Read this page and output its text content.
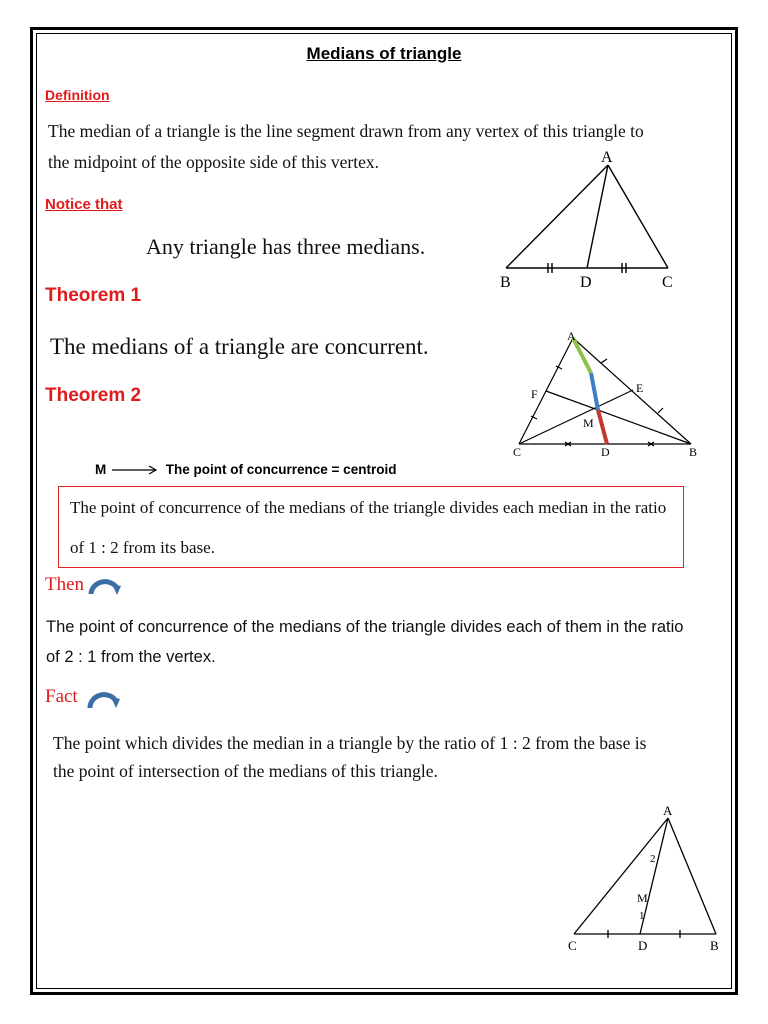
Medians of triangle
Definition
The median of a triangle is the line segment drawn from any vertex of this triangle to
the midpoint of the opposite side of this vertex.
Notice that
Any triangle has three medians.
Theorem 1
The medians of a triangle are concurrent.
Theorem 2
M	The point of concurrence = centroid
The point of concurrence of the medians of the triangle divides each median in the ratio
of 1 : 2 from its base.
Then
The point of concurrence of the medians of the triangle divides each of them in the ratio
of 2 : 1 from the vertex.
Fact
The point which divides the median in a triangle by the ratio of 1 : 2 from the base is
the point of intersection of the medians of this triangle.
A
B	D	C
A
F	E
M
C	D	B
A
2
M
1
C	D	B
